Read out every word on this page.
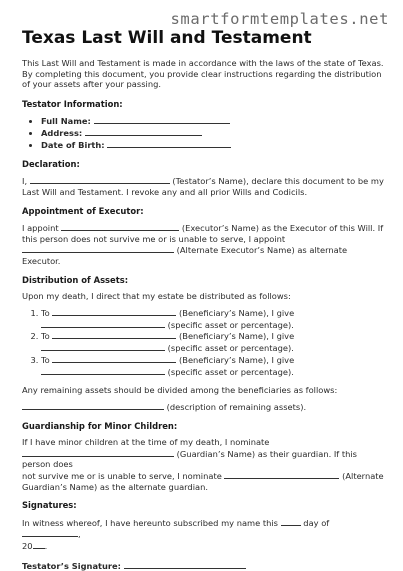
smartformtemplates.net
Texas Last Will and Testament

This Last Will and Testament is made in accordance with the laws of the state of Texas. By completing this document, you provide clear instructions regarding the distribution of your assets after your passing.

Testator Information:
• Full Name:
• Address:
• Date of Birth:
Declaration:

I,	(Testator’s Name), declare this document to be my Last Will and Testament. I revoke any and all prior Wills and Codicils.

Appointment of Executor:

I appoint	(Executor’s Name) as the Executor of this Will. If this person does not survive me or is unable to serve, I appoint  (Alternate Executor’s Name) as alternate Executor.

Distribution of Assets:

Upon my death, I direct that my estate be distributed as follows:

1. To	(Beneficiary’s Name), I give
(specific asset or percentage).
2. To	(Beneficiary’s Name), I give
(specific asset or percentage).
3. To	(Beneficiary’s Name), I give
(specific asset or percentage).

Any remaining assets should be divided among the beneficiaries as follows:

(description of remaining assets).

Guardianship for Minor Children:

If I have minor children at the time of my death, I nominate
(Guardian’s Name) as their guardian. If this person does
not survive me or is unable to serve, I nominate	(Alternate
Guardian’s Name) as the alternate guardian.

Signatures:

In witness whereof, I have hereunto subscribed my name this	day of ,
20 .

Testator’s Signature:
